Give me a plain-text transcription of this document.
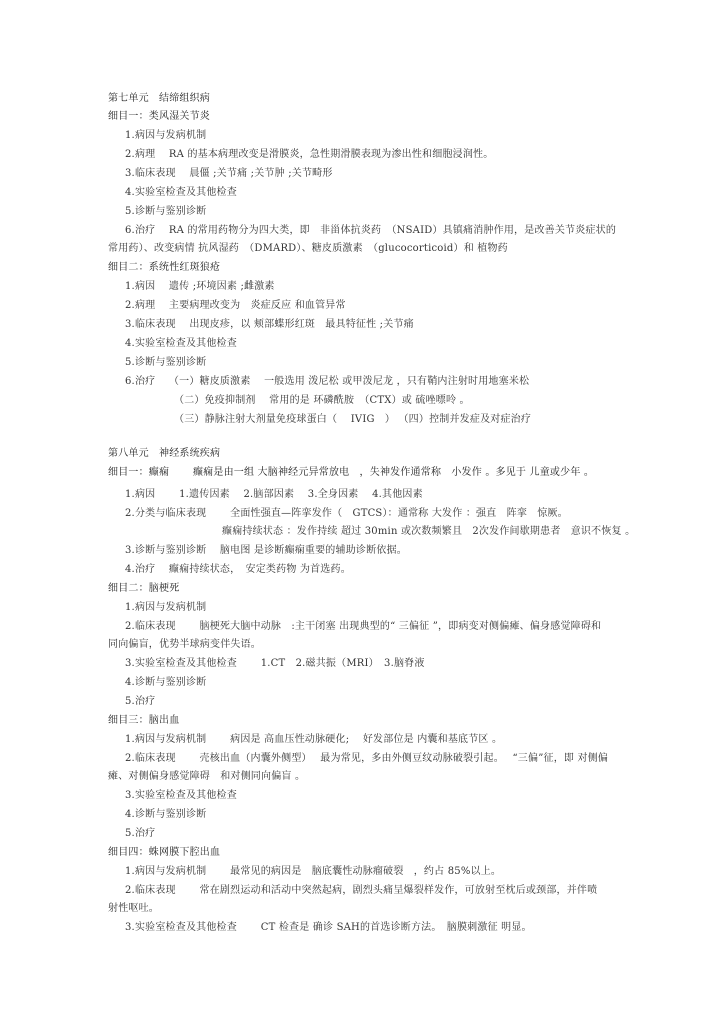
第七单元　结缔组织病
细目一：类风湿关节炎
1.病因与发病机制
2.病理　 RA 的基本病理改变是滑膜炎，急性期滑膜表现为渗出性和细胞浸润性。
3.临床表现　 晨僵 ;关节痛 ;关节肿 ;关节畸形
4.实验室检查及其他检查
5.诊断与鉴别诊断
6.治疗　 RA 的常用药物分为四大类，即　非甾体抗炎药　（NSAID）具镇痛消肿作用，是改善关节炎症状的
常用药）、改变病情 抗风湿药　（DMARD）、糖皮质激素　（glucocorticoid）和 植物药
细目二：系统性红斑狼疮
1.病因　 遗传 ;环境因素 ;雌激素
2.病理　 主要病理改变为　炎症反应 和血管异常
3.临床表现　 出现皮疹，以 颊部蝶形红斑　最具特征性 ;关节痛
4.实验室检查及其他检查
5.诊断与鉴别诊断
6.治疗　 （一）糖皮质激素　 一般选用 泼尼松 或甲泼尼龙 ，只有鞘内注射时用地塞米松
（二）免疫抑制剂　 常用的是 环磷酰胺　（CTX）或 硫唑嘌呤 。
（三）静脉注射大剂量免疫球蛋白（　 IVIG　） （四）控制并发症及对症治疗
第八单元　神经系统疾病
细目一：癫痫　　 癫痫是由一组 大脑神经元异常放电　，失神发作通常称　小发作 。多见于 儿童或少年 。
1.病因　　 1.遗传因素　 2.脑部因素　 3.全身因素　 4.其他因素
2.分类与临床表现　　 全面性强直—阵挛发作（　GTCS）：通常称 大发作 ：强直　阵挛　惊厥。
癫痫持续状态 ：发作持续 超过 30min 或次数频繁且　2次发作间歇期患者　意识不恢复 。
3.诊断与鉴别诊断　 脑电图 是诊断癫痫重要的辅助诊断依据。
4.治疗　 癫痫持续状态，　安定类药物 为首选药。
细目二：脑梗死
1.病因与发病机制
2.临床表现　　 脑梗死大脑中动脉　:主干闭塞 出现典型的“ 三偏征 ”，即病变对侧偏瘫、偏身感觉障碍和
同向偏盲，优势半球病变伴失语。
3.实验室检查及其他检查　　 1.CT　2.磁共振（MRI）　3.脑脊液
4.诊断与鉴别诊断
5.治疗
细目三：脑出血
1.病因与发病机制　　 病因是 高血压性动脉硬化;　 好发部位是 内囊和基底节区 。
2.临床表现　　 壳核出血（内囊外侧型）　 最为常见，多由外侧豆纹动脉破裂引起。　 “三偏”征，即 对侧偏
瘫、对侧偏身感觉障碍　和对侧同向偏盲 。
3.实验室检查及其他检查
4.诊断与鉴别诊断
5.治疗
细目四：蛛网膜下腔出血
1.病因与发病机制　　 最常见的病因是　脑底囊性动脉瘤破裂　，约占 85%以上。
2.临床表现　　 常在剧烈运动和活动中突然起病，剧烈头痛呈爆裂样发作，可放射至枕后或颈部，并伴喷
射性呕吐。
3.实验室检查及其他检查　　 CT 检查是 确诊 SAH的首选诊断方法。　脑膜刺激征 明显。
